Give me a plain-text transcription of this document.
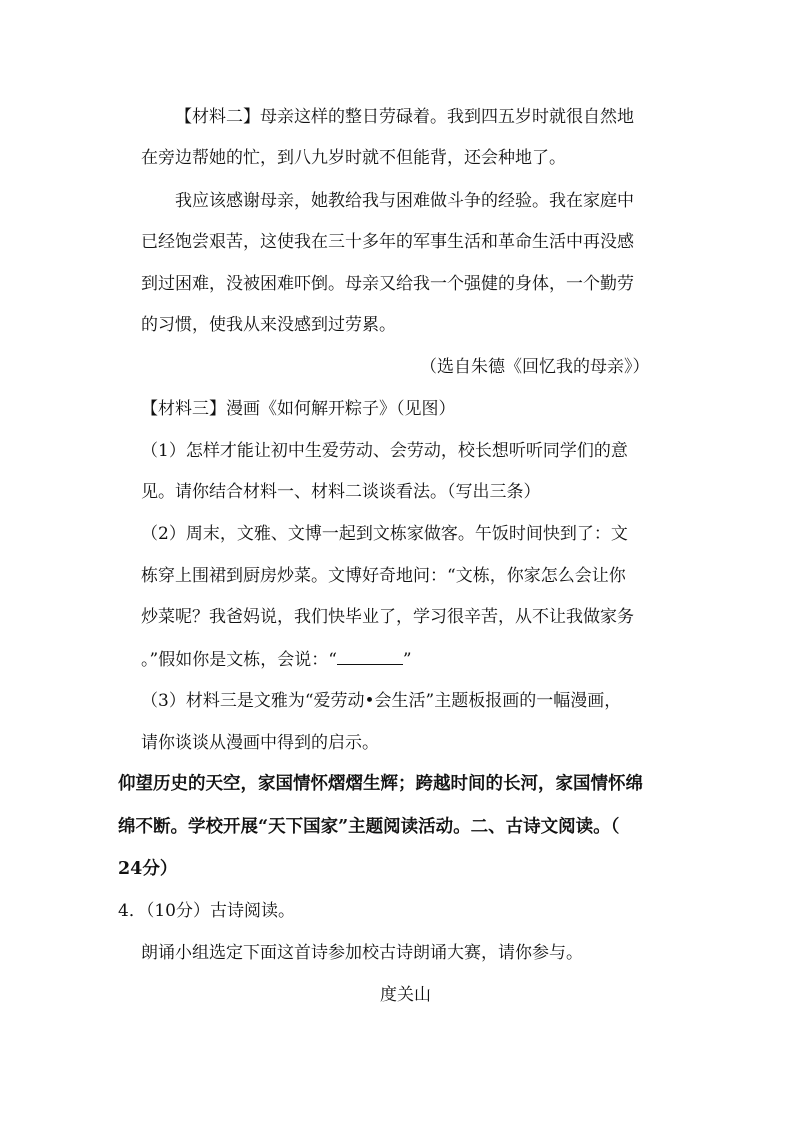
【材料二】母亲这样的整日劳碌着。我到四五岁时就很自然地
在旁边帮她的忙，到八九岁时就不但能背，还会种地了。
我应该感谢母亲，她教给我与困难做斗争的经验。我在家庭中
已经饱尝艰苦，这使我在三十多年的军事生活和革命生活中再没感
到过困难，没被困难吓倒。母亲又给我一个强健的身体，一个勤劳
的习惯，使我从来没感到过劳累。
（选自朱德《回忆我的母亲》）
【材料三】漫画《如何解开粽子》（见图）
（1）怎样才能让初中生爱劳动、会劳动，校长想听听同学们的意
见。请你结合材料一、材料二谈谈看法。（写出三条）
（2）周末，文雅、文博一起到文栋家做客。午饭时间快到了：文
栋穿上围裙到厨房炒菜。文博好奇地问：“文栋，你家怎么会让你
炒菜呢？我爸妈说，我们快毕业了，学习很辛苦，从不让我做家务
。”假如你是文栋，会说：“	”
（3）材料三是文雅为“爱劳动•会生活”主题板报画的一幅漫画，
请你谈谈从漫画中得到的启示。
仰望历史的天空，家国情怀熠熠生辉；跨越时间的长河，家国情怀绵
绵不断。学校开展“天下国家”主题阅读活动。二、古诗文阅读。（
24分）
4．（10分）古诗阅读。
朗诵小组选定下面这首诗参加校古诗朗诵大赛，请你参与。
度关山
